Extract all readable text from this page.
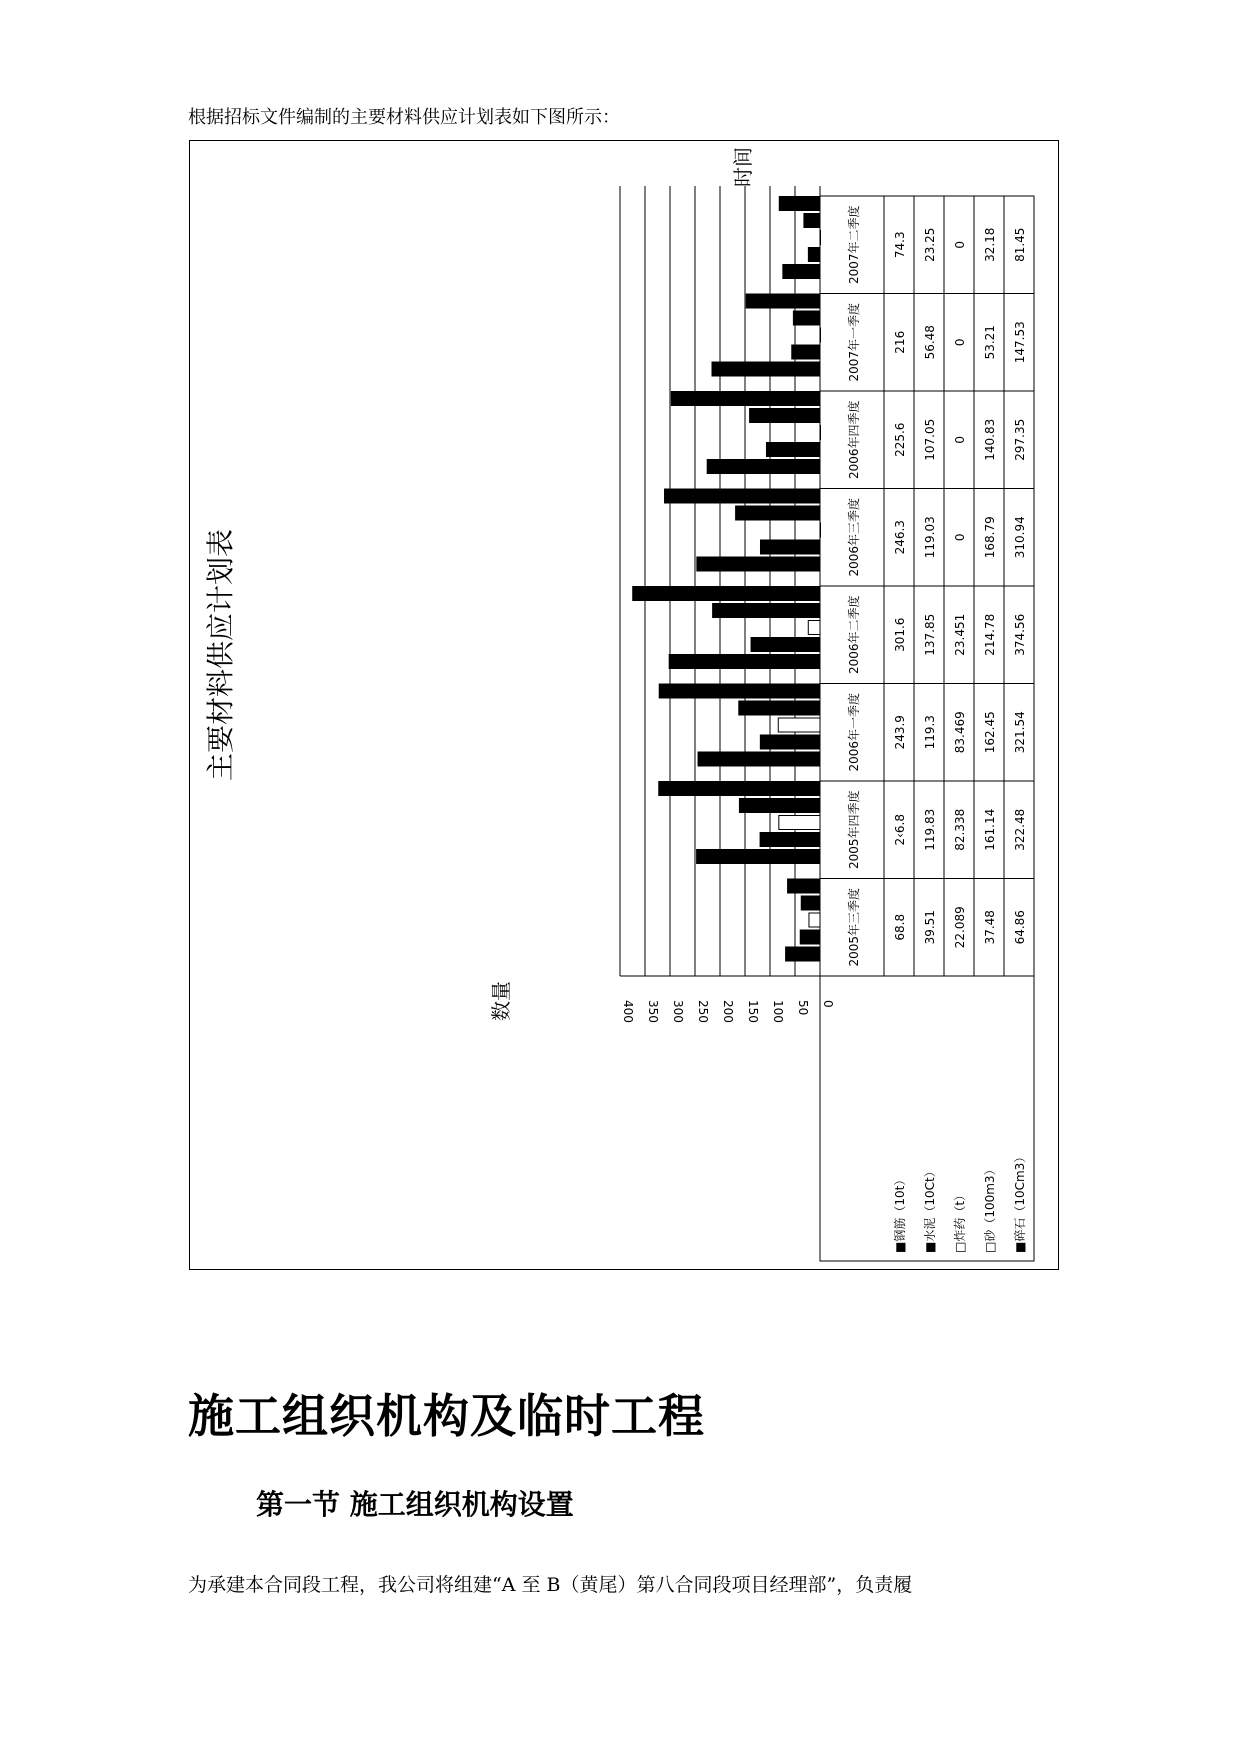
根据招标文件编制的主要材料供应计划表如下图所示：
0
50
100
150
200
250
300
350
400
主要材料供应计划表
数量
时间
2005年三季度
2005年四季度
2006年一季度
2006年二季度
2006年三季度
2006年四季度
2007年一季度
2007年二季度
68.8
2‹6.8
243.9
301.6
246.3
225.6
216
74.3
39.51
119.83
119.3
137.85
119.03
107.05
56.48
23.25
22.089
82.338
83.469
23.451
0
0
0
0
37.48
161.14
162.45
214.78
168.79
140.83
53.21
32.18
64.86
322.48
321.54
374.56
310.94
297.35
147.53
81.45
■钢筋（10t） ■水泥（10Ct） □炸药（t） □砂（100m3） ■碎石（10Cm3）
施工组织机构及临时工程
第一节 施工组织机构设置
为承建本合同段工程，我公司将组建“A 至 B（黄尾）第八合同段项目经理部”，负责履
